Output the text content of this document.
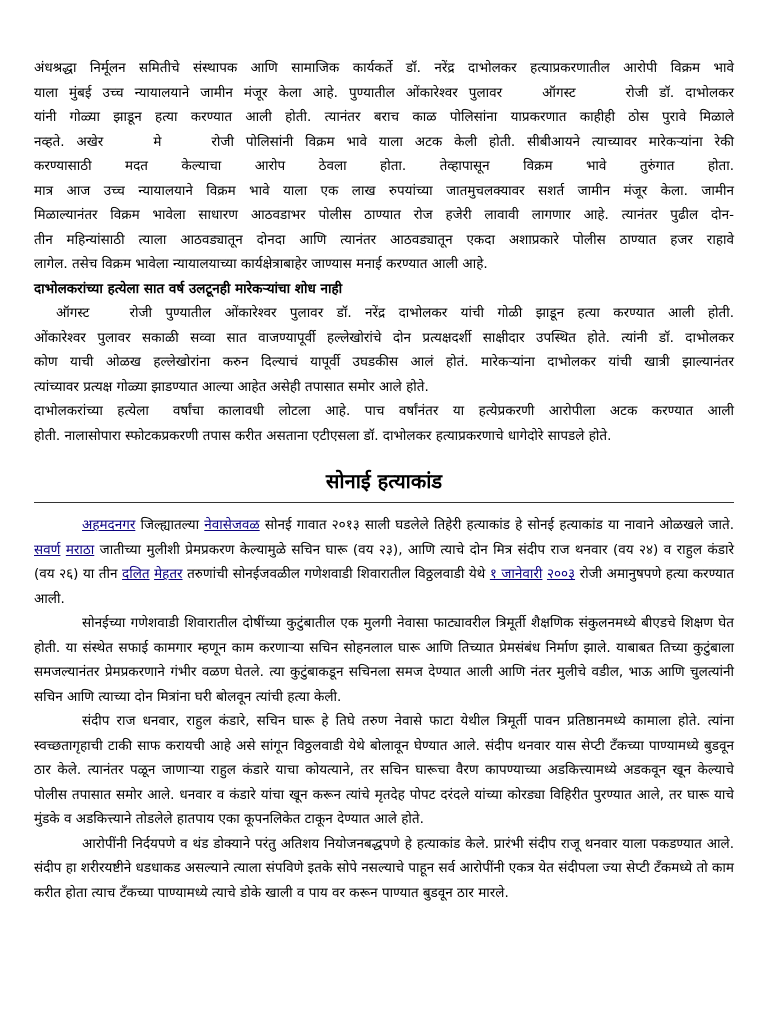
अंधश्रद्धा निर्मूलन समितीचे संस्थापक आणि सामाजिक कार्यकर्ते डॉ. नरेंद्र दाभोलकर हत्याप्रकरणातील आरोपी विक्रम भावे

याला मुंबई उच्च न्यायालयाने जामीन मंजूर केला आहे. पुण्यातील ओंकारेश्वर पुलावर	ऑगस्ट	रोजी डॉ. दाभोलकर

यांनी गोळ्या झाडून हत्या करण्यात आली होती. त्यानंतर बराच काळ पोलिसांना याप्रकरणात काहीही ठोस पुरावे मिळाले

नव्हते. अखेर	मे	रोजी पोलिसांनी विक्रम भावे याला अटक केली होती. सीबीआयने त्याच्यावर मारेकऱ्यांना रेकी

करण्यासाठी मदत केल्याचा आरोप ठेवला होता. तेव्हापासून विक्रम भावे तुरुंगात होता.

मात्र आज उच्च न्यायालयाने विक्रम भावे याला एक लाख रुपयांच्या जातमुचलक्यावर सशर्त जामीन मंजूर केला. जामीन

मिळाल्यानंतर विक्रम भावेला साधारण आठवडाभर पोलीस ठाण्यात रोज हजेरी लावावी लागणार आहे. त्यानंतर पुढील दोन-

तीन महिन्यांसाठी त्याला आठवड्यातून दोनदा आणि त्यानंतर आठवड्यातून एकदा अशाप्रकारे पोलीस ठाण्यात हजर राहावे

लागेल. तसेच विक्रम भावेला न्यायालयाच्या कार्यक्षेत्राबाहेर जाण्यास मनाई करण्यात आली आहे.

दाभोलकरांच्या हत्येला सात वर्ष उलटूनही मारेकऱ्यांचा शोध नाही

ऑगस्ट	रोजी पुण्यातील ओंकारेश्वर पुलावर डॉ. नरेंद्र दाभोलकर यांची गोळी झाडून हत्या करण्यात आली होती.

ओंकारेश्वर पुलावर सकाळी सव्वा सात वाजण्यापूर्वी हल्लेखोरांचे दोन प्रत्यक्षदर्शी साक्षीदार उपस्थित होते. त्यांनी डॉ. दाभोलकर

कोण याची ओळख हल्लेखोरांना करुन दिल्याचं यापूर्वी उघडकीस आलं होतं. मारेकऱ्यांना दाभोलकर यांची खात्री झाल्यानंतर

त्यांच्यावर प्रत्यक्ष गोळ्या झाडण्यात आल्या आहेत असेही तपासात समोर आले होते.

दाभोलकरांच्या हत्येला वर्षांचा कालावधी लोटला आहे. पाच वर्षांनंतर या हत्येप्रकरणी आरोपीला अटक करण्यात आली

होती. नालासोपारा स्फोटकप्रकरणी तपास करीत असताना एटीएसला डॉ. दाभोलकर हत्याप्रकरणाचे धागेदोरे सापडले होते.

सोनाई हत्याकांड

अहमदनगर जिल्ह्यातल्या नेवासेजवळ सोनई गावात २०१३ साली घडलेले तिहेरी हत्याकांड हे सोनई हत्याकांड या नावाने ओळखले जाते. सवर्ण मराठा जातीच्या मुलीशी प्रेमप्रकरण केल्यामुळे सचिन घारू (वय २३), आणि त्याचे दोन मित्र संदीप राज थनवार (वय २४) व राहुल कंडारे (वय २६) या तीन दलित मेहतर तरुणांची सोनईजवळील गणेशवाडी शिवारातील विठ्ठलवाडी येथे १ जानेवारी २००३ रोजी अमानुषपणे हत्या करण्यात आली.

सोनईच्या गणेशवाडी शिवारातील दोषींच्या कुटुंबातील एक मुलगी नेवासा फाट्यावरील त्रिमूर्ती शैक्षणिक संकुलनमध्ये बीएडचे शिक्षण घेत होती. या संस्थेत सफाई कामगार म्हणून काम करणाऱ्या सचिन सोहनलाल घारू आणि तिच्यात प्रेमसंबंध निर्माण झाले. याबाबत तिच्या कुटुंबाला समजल्यानंतर प्रेमप्रकरणाने गंभीर वळण घेतले. त्या कुटुंबाकडून सचिनला समज देण्यात आली आणि नंतर मुलीचे वडील, भाऊ आणि चुलत्यांनी सचिन आणि त्याच्या दोन मित्रांना घरी बोलवून त्यांची हत्या केली.

संदीप राज धनवार, राहुल कंडारे, सचिन घारू हे तिघे तरुण नेवासे फाटा येथील त्रिमूर्ती पावन प्रतिष्ठानमध्ये कामाला होते. त्यांना स्वच्छतागृहाची टाकी साफ करायची आहे असे सांगून विठ्ठलवाडी येथे बोलावून घेण्यात आले. संदीप थनवार यास सेप्टी टँकच्या पाण्यामध्ये बुडवून ठार केले. त्यानंतर पळून जाणाऱ्या राहुल कंडारे याचा कोयत्याने, तर सचिन घारूचा वैरण कापण्याच्या अडकित्त्यामध्ये अडकवून खून केल्याचे पोलीस तपासात समोर आले. धनवार व कंडारे यांचा खून करून त्यांचे मृतदेह पोपट दरंदले यांच्या कोरड्या विहिरीत पुरण्यात आले, तर घारू याचे मुंडके व अडकित्त्याने तोडलेले हातपाय एका कूपनलिकेत टाकून देण्यात आले होते.

आरोपींनी निर्दयपणे व थंड डोक्याने परंतु अतिशय नियोजनबद्धपणे हे हत्याकांड केले. प्रारंभी संदीप राजू थनवार याला पकडण्यात आले. संदीप हा शरीरयष्टीने धडधाकड असल्याने त्याला संपविणे इतके सोपे नसल्याचे पाहून सर्व आरोपींनी एकत्र येत संदीपला ज्या सेप्टी टँकमध्ये तो काम करीत होता त्याच टँकच्या पाण्यामध्ये त्याचे डोके खाली व पाय वर करून पाण्यात बुडवून ठार मारले.
